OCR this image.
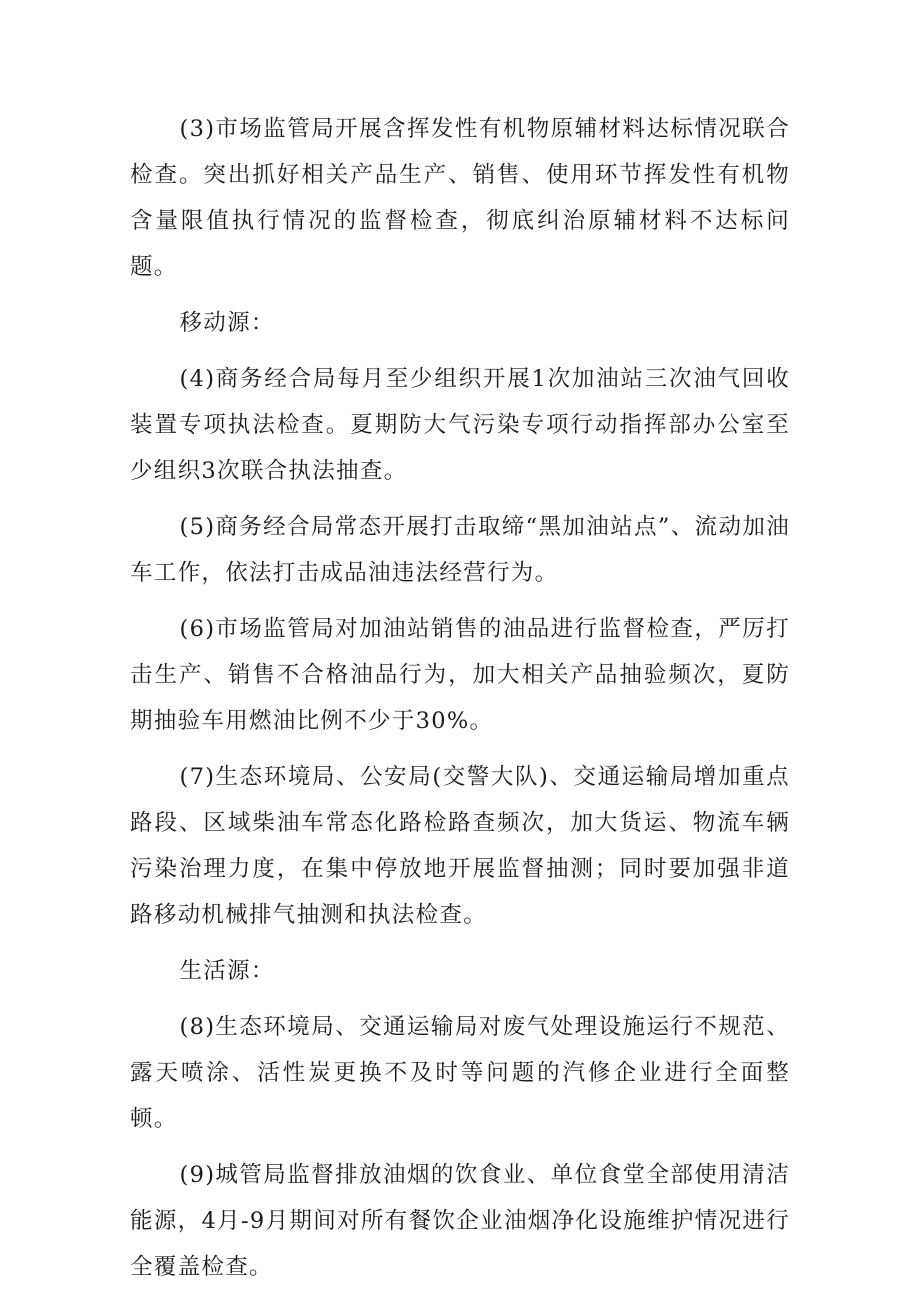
(3)市场监管局开展含挥发性有机物原辅材料达标情况联合检查。突出抓好相关产品生产、销售、使用环节挥发性有机物含量限值执行情况的监督检查，彻底纠治原辅材料不达标问题。

移动源：

(4)商务经合局每月至少组织开展1次加油站三次油气回收装置专项执法检查。夏期防大气污染专项行动指挥部办公室至少组织3次联合执法抽查。

(5)商务经合局常态开展打击取缔“黑加油站点”、流动加油车工作，依法打击成品油违法经营行为。

(6)市场监管局对加油站销售的油品进行监督检查，严厉打击生产、销售不合格油品行为，加大相关产品抽验频次，夏防期抽验车用燃油比例不少于30%。

(7)生态环境局、公安局(交警大队)、交通运输局增加重点路段、区域柴油车常态化路检路查频次，加大货运、物流车辆污染治理力度，在集中停放地开展监督抽测；同时要加强非道路移动机械排气抽测和执法检查。

生活源：

(8)生态环境局、交通运输局对废气处理设施运行不规范、露天喷涂、活性炭更换不及时等问题的汽修企业进行全面整顿。

(9)城管局监督排放油烟的饮食业、单位食堂全部使用清洁能源，4月-9月期间对所有餐饮企业油烟净化设施维护情况进行全覆盖检查。
